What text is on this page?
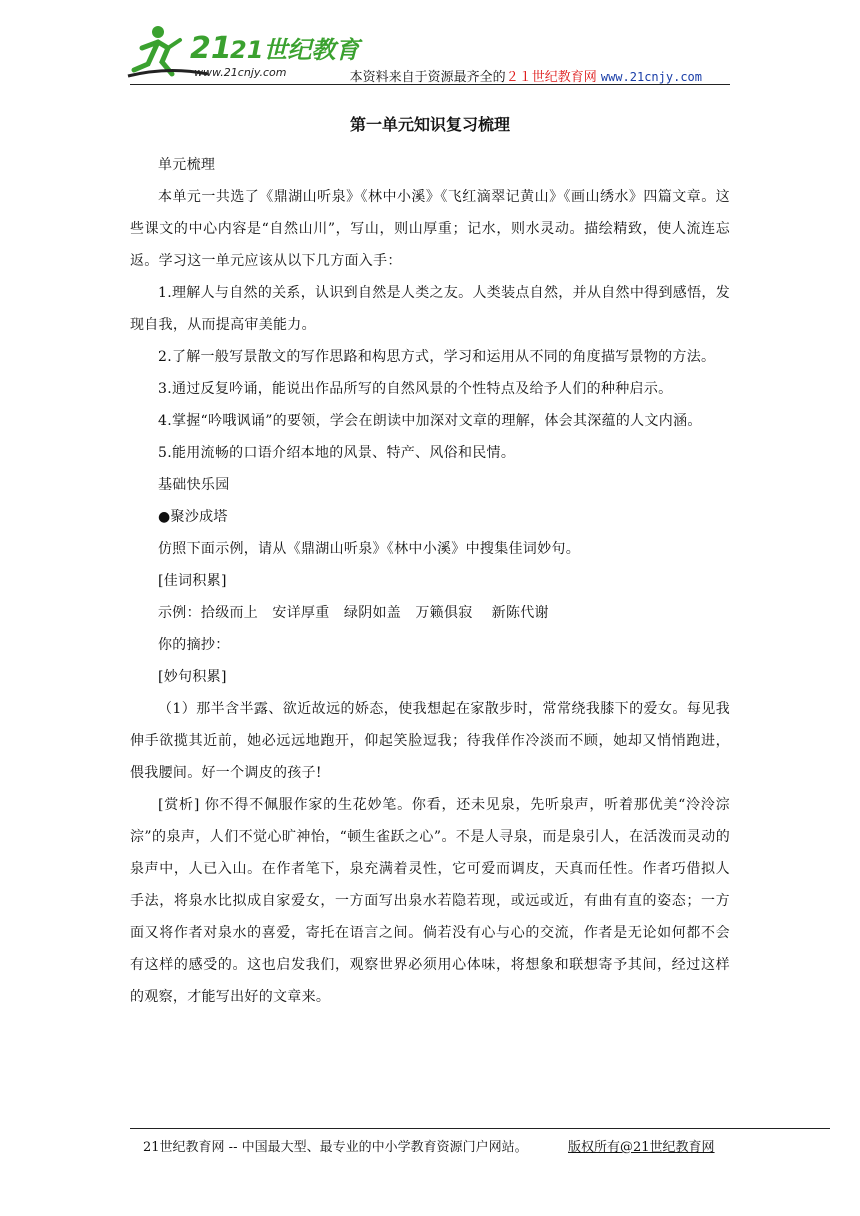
21
21世纪教育
www.21cnjy.com	本资料来自于资源最齐全的２１世纪教育网 www.21cnjy.com
第一单元知识复习梳理

单元梳理

本单元一共选了《鼎湖山听泉》《林中小溪》《飞红滴翠记黄山》《画山绣水》四篇文章。这些课文的中心内容是“自然山川”，写山，则山厚重；记水，则水灵动。描绘精致，使人流连忘返。学习这一单元应该从以下几方面入手：

1.理解人与自然的关系，认识到自然是人类之友。人类装点自然，并从自然中得到感悟，发现自我，从而提高审美能力。

2.了解一般写景散文的写作思路和构思方式，学习和运用从不同的角度描写景物的方法。

3.通过反复吟诵，能说出作品所写的自然风景的个性特点及给予人们的种种启示。

4.掌握“吟哦讽诵”的要领，学会在朗读中加深对文章的理解，体会其深蕴的人文内涵。

5.能用流畅的口语介绍本地的风景、特产、风俗和民情。

基础快乐园

●聚沙成塔

仿照下面示例，请从《鼎湖山听泉》《林中小溪》中搜集佳词妙句。

[佳词积累]

示例：拾级而上　安详厚重　绿阴如盖　万籁俱寂　 新陈代谢

你的摘抄：

[妙句积累]

（1）那半含半露、欲近故远的娇态，使我想起在家散步时，常常绕我膝下的爱女。每见我伸手欲揽其近前，她必远远地跑开，仰起笑脸逗我；待我佯作冷淡而不顾，她却又悄悄跑进，偎我腰间。好一个调皮的孩子!

[赏析] 你不得不佩服作家的生花妙笔。你看，还未见泉，先听泉声，听着那优美“泠泠淙淙”的泉声，人们不觉心旷神怡，“顿生雀跃之心”。不是人寻泉，而是泉引人，在活泼而灵动的泉声中，人已入山。在作者笔下，泉充满着灵性，它可爱而调皮，天真而任性。作者巧借拟人手法，将泉水比拟成自家爱女，一方面写出泉水若隐若现，或远或近，有曲有直的姿态；一方面又将作者对泉水的喜爱，寄托在语言之间。倘若没有心与心的交流，作者是无论如何都不会有这样的感受的。这也启发我们，观察世界必须用心体味，将想象和联想寄予其间，经过这样的观察，才能写出好的文章来。

21世纪教育网 -- 中国最大型、最专业的中小学教育资源门户网站。	版权所有@21世纪教育网
